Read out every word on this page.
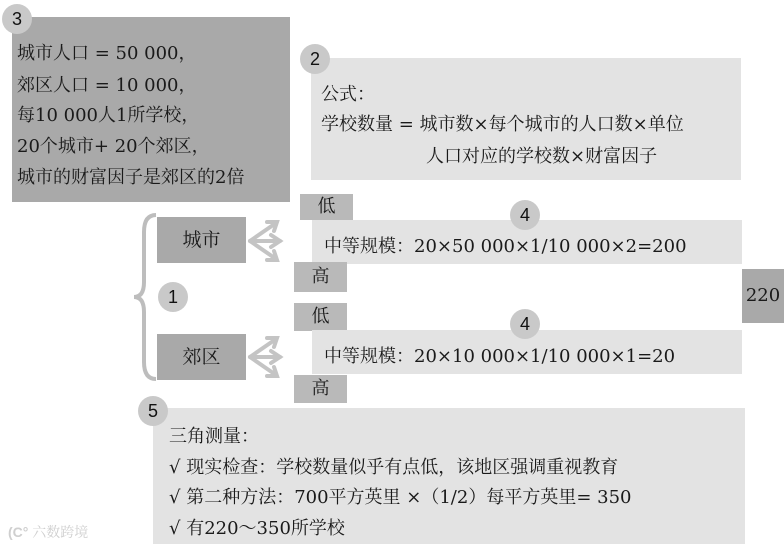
城市人口 = 50 000，
郊区人口 = 10 000，
每10 000人1所学校，
20个城市+ 20个郊区，
城市的财富因子是郊区的2倍
3
公式：
学校数量 = 城市数×每个城市的人口数×单位
人口对应的学校数×财富因子
2
1
城市
低
中等规模：20×50 000×1/10 000×2=200
4
高
220
低
中等规模：20×10 000×1/10 000×1=20
4
郊区
高
三角测量：
√ 现实检查：学校数量似乎有点低，该地区强调重视教育
√ 第二种方法：700平方英里 ×（1/2）每平方英里= 350
√ 有220～350所学校
5
(C° 六数跨境
